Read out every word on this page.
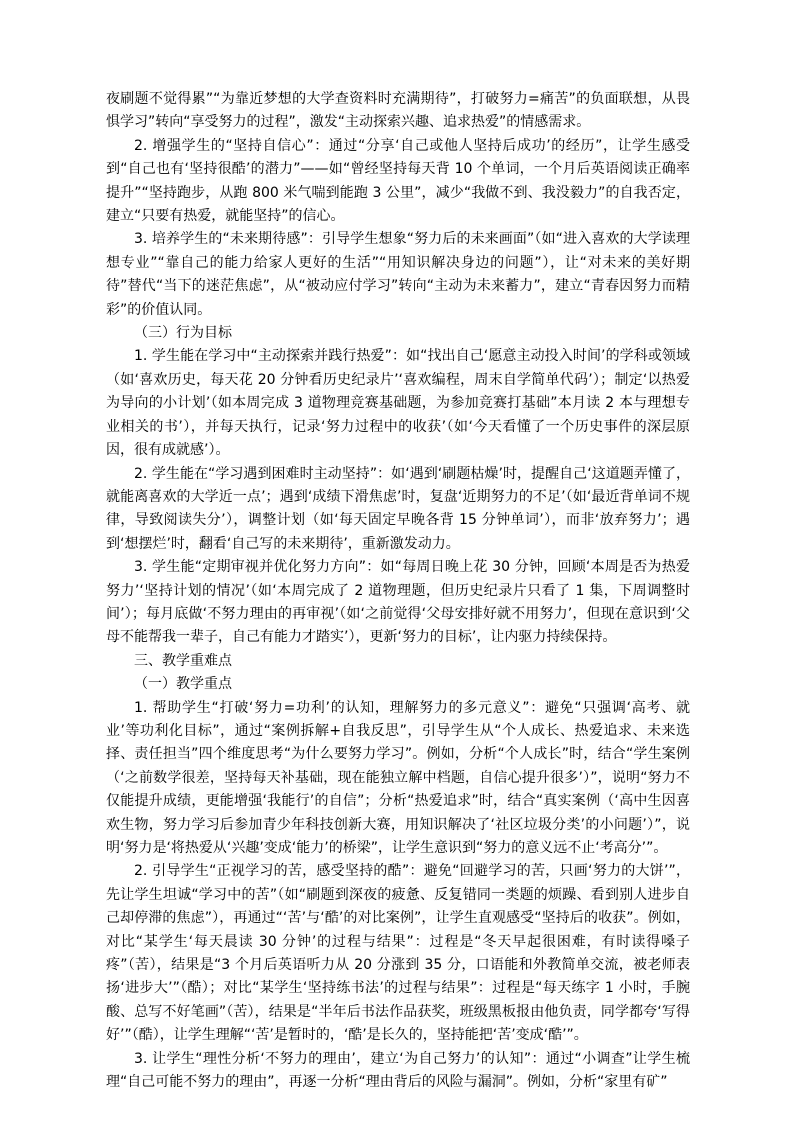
夜刷题不觉得累”“为靠近梦想的大学查资料时充满期待”，打破努力=痛苦”的负面联想，从畏惧学习”转向“享受努力的过程”，激发“主动探索兴趣、追求热爱”的情感需求。

2. 增强学生的“坚持自信心”：通过“分享‘自己或他人坚持后成功’的经历”，让学生感受到“自己也有‘坚持很酷’的潜力”——如“曾经坚持每天背 10 个单词，一个月后英语阅读正确率提升”“坚持跑步，从跑 800 米气喘到能跑 3 公里”，减少“我做不到、我没毅力”的自我否定，建立“只要有热爱，就能坚持”的信心。

3. 培养学生的“未来期待感”：引导学生想象“努力后的未来画面”（如“进入喜欢的大学读理想专业”“靠自己的能力给家人更好的生活”“用知识解决身边的问题”），让“对未来的美好期待”替代“当下的迷茫焦虑”，从“被动应付学习”转向“主动为未来蓄力”，建立“青春因努力而精彩”的价值认同。

（三）行为目标

1. 学生能在学习中“主动探索并践行热爱”：如“找出自己‘愿意主动投入时间’的学科或领域（如‘喜欢历史，每天花 20 分钟看历史纪录片’‘喜欢编程，周末自学简单代码’）；制定‘以热爱为导向的小计划’（如本周完成 3 道物理竞赛基础题，为参加竞赛打基础”本月读 2 本与理想专业相关的书’），并每天执行，记录‘努力过程中的收获’（如‘今天看懂了一个历史事件的深层原因，很有成就感’）。

2. 学生能在“学习遇到困难时主动坚持”：如‘遇到‘刷题枯燥’时，提醒自己‘这道题弄懂了，就能离喜欢的大学近一点’；遇到‘成绩下滑焦虑’时，复盘‘近期努力的不足’（如‘最近背单词不规律，导致阅读失分’），调整计划（如‘每天固定早晚各背 15 分钟单词’），而非‘放弃努力’；遇到‘想摆烂’时，翻看‘自己写的未来期待’，重新激发动力。

3. 学生能“定期审视并优化努力方向”：如“每周日晚上花 30 分钟，回顾‘本周是否为热爱努力’‘坚持计划的情况’（如‘本周完成了 2 道物理题，但历史纪录片只看了 1 集，下周调整时间’）；每月底做‘不努力理由的再审视’（如‘之前觉得‘父母安排好就不用努力’，但现在意识到‘父母不能帮我一辈子，自己有能力才踏实’），更新‘努力的目标’，让内驱力持续保持。

三、教学重难点

（一）教学重点

1. 帮助学生“打破‘努力=功利’的认知，理解努力的多元意义”：避免“只强调‘高考、就业’等功利化目标”，通过“案例拆解+自我反思”，引导学生从“个人成长、热爱追求、未来选择、责任担当”四个维度思考“为什么要努力学习”。例如，分析“个人成长”时，结合“学生案例（‘之前数学很差，坚持每天补基础，现在能独立解中档题，自信心提升很多’）”，说明“努力不仅能提升成绩，更能增强‘我能行’的自信”；分析“热爱追求”时，结合“真实案例（‘高中生因喜欢生物，努力学习后参加青少年科技创新大赛，用知识解决了‘社区垃圾分类’的小问题’）”，说明‘努力是‘将热爱从‘兴趣’变成‘能力’的桥梁”，让学生意识到“努力的意义远不止‘考高分’”。

2. 引导学生“正视学习的苦，感受坚持的酷”：避免“回避学习的苦，只画‘努力的大饼’”，先让学生坦诚“学习中的苦”（如“刷题到深夜的疲惫、反复错同一类题的烦躁、看到别人进步自己却停滞的焦虑”），再通过“‘苦’与‘酷’的对比案例”，让学生直观感受“坚持后的收获”。例如，对比“某学生‘每天晨读 30 分钟’的过程与结果”：过程是“冬天早起很困难，有时读得嗓子疼”（苦），结果是“3 个月后英语听力从 20 分涨到 35 分，口语能和外教简单交流，被老师表扬‘进步大’”（酷）；对比“某学生‘坚持练书法’的过程与结果”：过程是“每天练字 1 小时，手腕酸、总写不好笔画”（苦），结果是“半年后书法作品获奖，班级黑板报由他负责，同学都夸‘写得好’”（酷），让学生理解“‘苦’是暂时的，‘酷’是长久的，坚持能把‘苦’变成‘酷’”。

3. 让学生“理性分析‘不努力的理由’，建立‘为自己努力’的认知”：通过“小调查”让学生梳理“自己可能不努力的理由”，再逐一分析“理由背后的风险与漏洞”。例如，分析“家里有矿”
